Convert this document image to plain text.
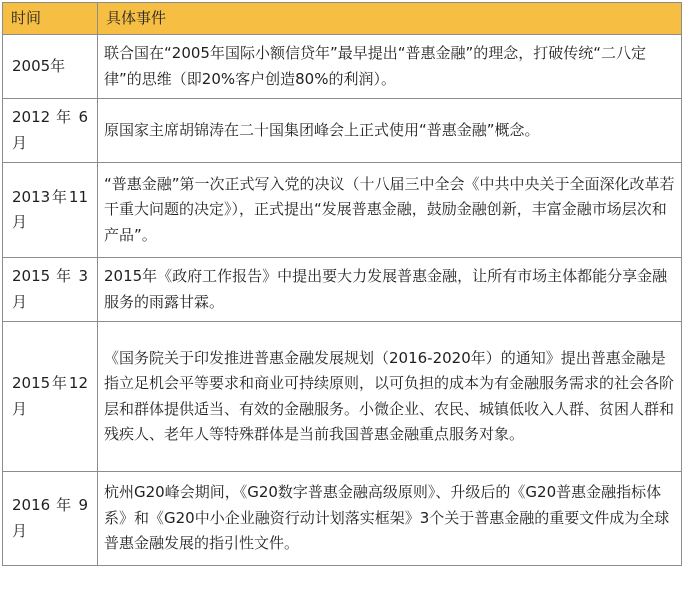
时间	具体事件
2005年	联合国在“2005年国际小额信贷年”最早提出“普惠金融”的理念，打破传统“二八定律”的思维（即20%客户创造80%的利润）。
2012 年 6 月	原国家主席胡锦涛在二十国集团峰会上正式使用“普惠金融”概念。
2013年11月	“普惠金融”第一次正式写入党的决议（十八届三中全会《中共中央关于全面深化改革若干重大问题的决定》），正式提出“发展普惠金融，鼓励金融创新，丰富金融市场层次和产品”。
2015 年 3 月	2015年《政府工作报告》中提出要大力发展普惠金融，让所有市场主体都能分享金融服务的雨露甘霖。
2015年12月	《国务院关于印发推进普惠金融发展规划（2016-2020年）的通知》提出普惠金融是指立足机会平等要求和商业可持续原则，以可负担的成本为有金融服务需求的社会各阶层和群体提供适当、有效的金融服务。小微企业、农民、城镇低收入人群、贫困人群和残疾人、老年人等特殊群体是当前我国普惠金融重点服务对象。
2016 年 9 月	杭州G20峰会期间，《G20数字普惠金融高级原则》、升级后的《G20普惠金融指标体系》和《G20中小企业融资行动计划落实框架》3个关于普惠金融的重要文件成为全球普惠金融发展的指引性文件。
